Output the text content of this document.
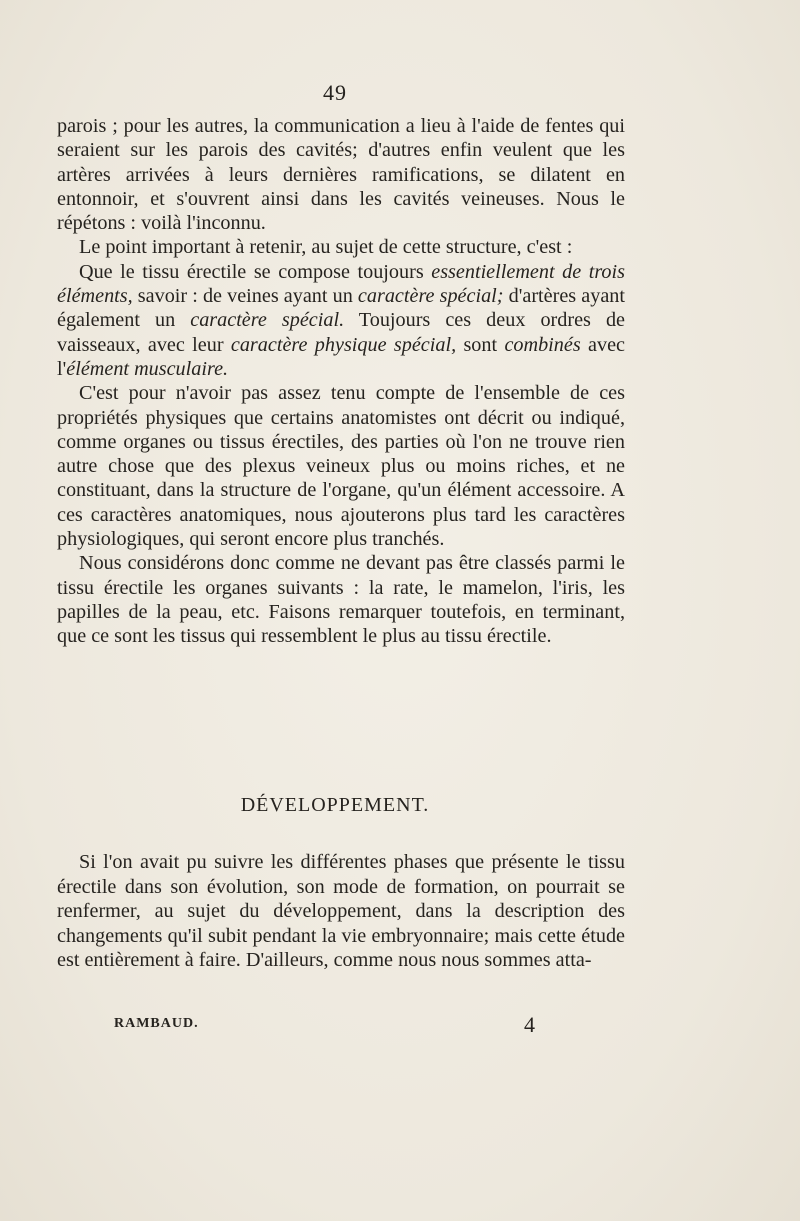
49

parois ; pour les autres, la communication a lieu à l'aide de fentes qui seraient sur les parois des cavités; d'autres enfin veulent que les artères arrivées à leurs dernières ramifications, se dilatent en entonnoir, et s'ouvrent ainsi dans les cavités veineuses. Nous le répétons : voilà l'inconnu.

Le point important à retenir, au sujet de cette structure, c'est :

Que le tissu érectile se compose toujours essentiellement de trois éléments, savoir : de veines ayant un caractère spécial; d'artères ayant également un caractère spécial. Toujours ces deux ordres de vaisseaux, avec leur caractère physique spécial, sont combinés avec l'élément musculaire.

C'est pour n'avoir pas assez tenu compte de l'ensemble de ces propriétés physiques que certains anatomistes ont décrit ou indiqué, comme organes ou tissus érectiles, des parties où l'on ne trouve rien autre chose que des plexus veineux plus ou moins riches, et ne constituant, dans la structure de l'organe, qu'un élément accessoire. A ces caractères anatomiques, nous ajouterons plus tard les caractères physiologiques, qui seront encore plus tranchés.

Nous considérons donc comme ne devant pas être classés parmi le tissu érectile les organes suivants : la rate, le mamelon, l'iris, les papilles de la peau, etc. Faisons remarquer toutefois, en terminant, que ce sont les tissus qui ressemblent le plus au tissu érectile.

DÉVELOPPEMENT.

Si l'on avait pu suivre les différentes phases que présente le tissu érectile dans son évolution, son mode de formation, on pourrait se renfermer, au sujet du développement, dans la description des changements qu'il subit pendant la vie embryonnaire; mais cette étude est entièrement à faire. D'ailleurs, comme nous nous sommes atta-

RAMBAUD.	4
